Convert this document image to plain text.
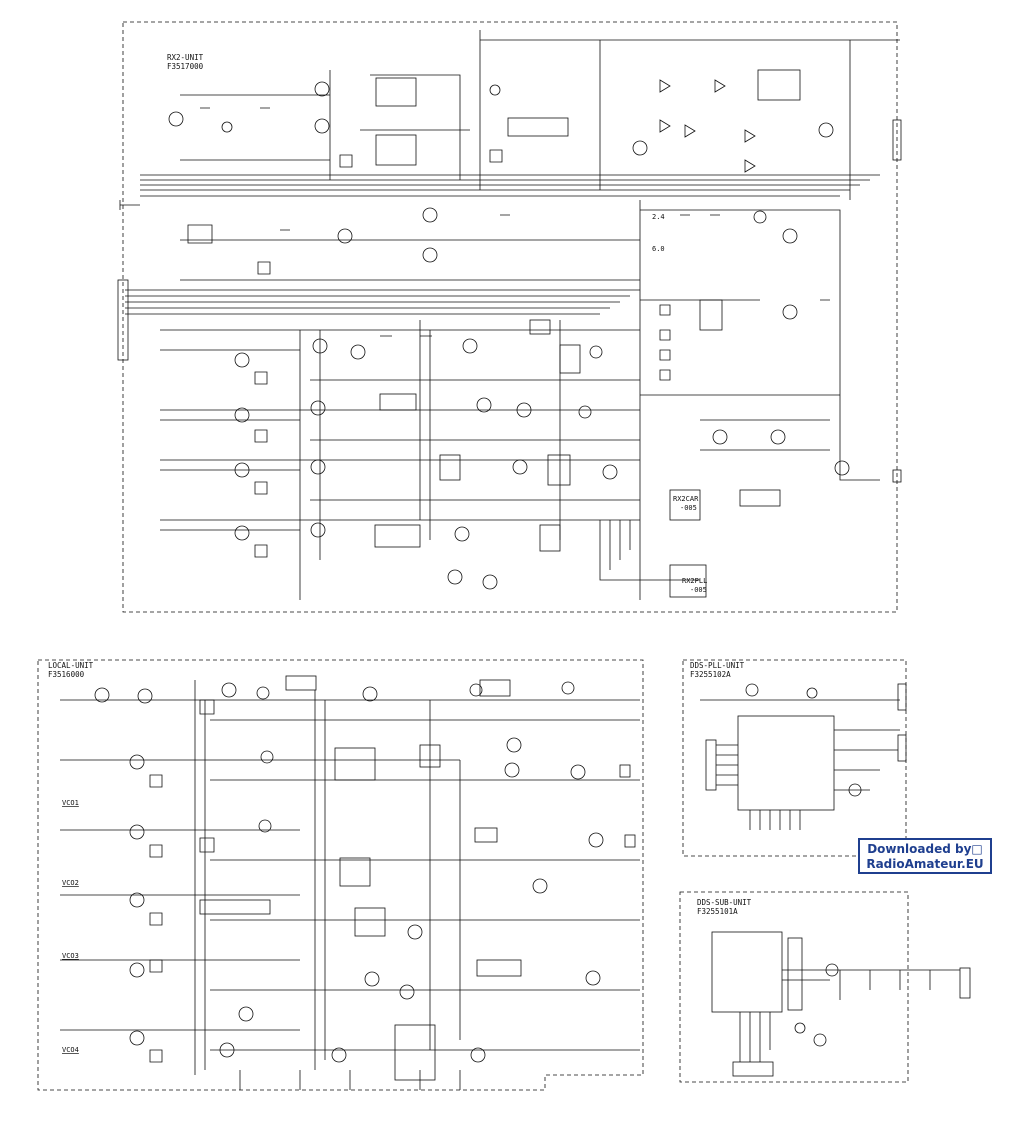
RX2-UNIT
F3517000
2.4
6.0
RX2CAR
-005
RX2PLL
-005
LOCAL-UNIT
F3516000
VCO1
VCO2
VCO3
VCO4
DDS-PLL-UNIT
F3255102A
DDS-SUB-UNIT
F3255101A
Downloaded by□
RadioAmateur.EU
